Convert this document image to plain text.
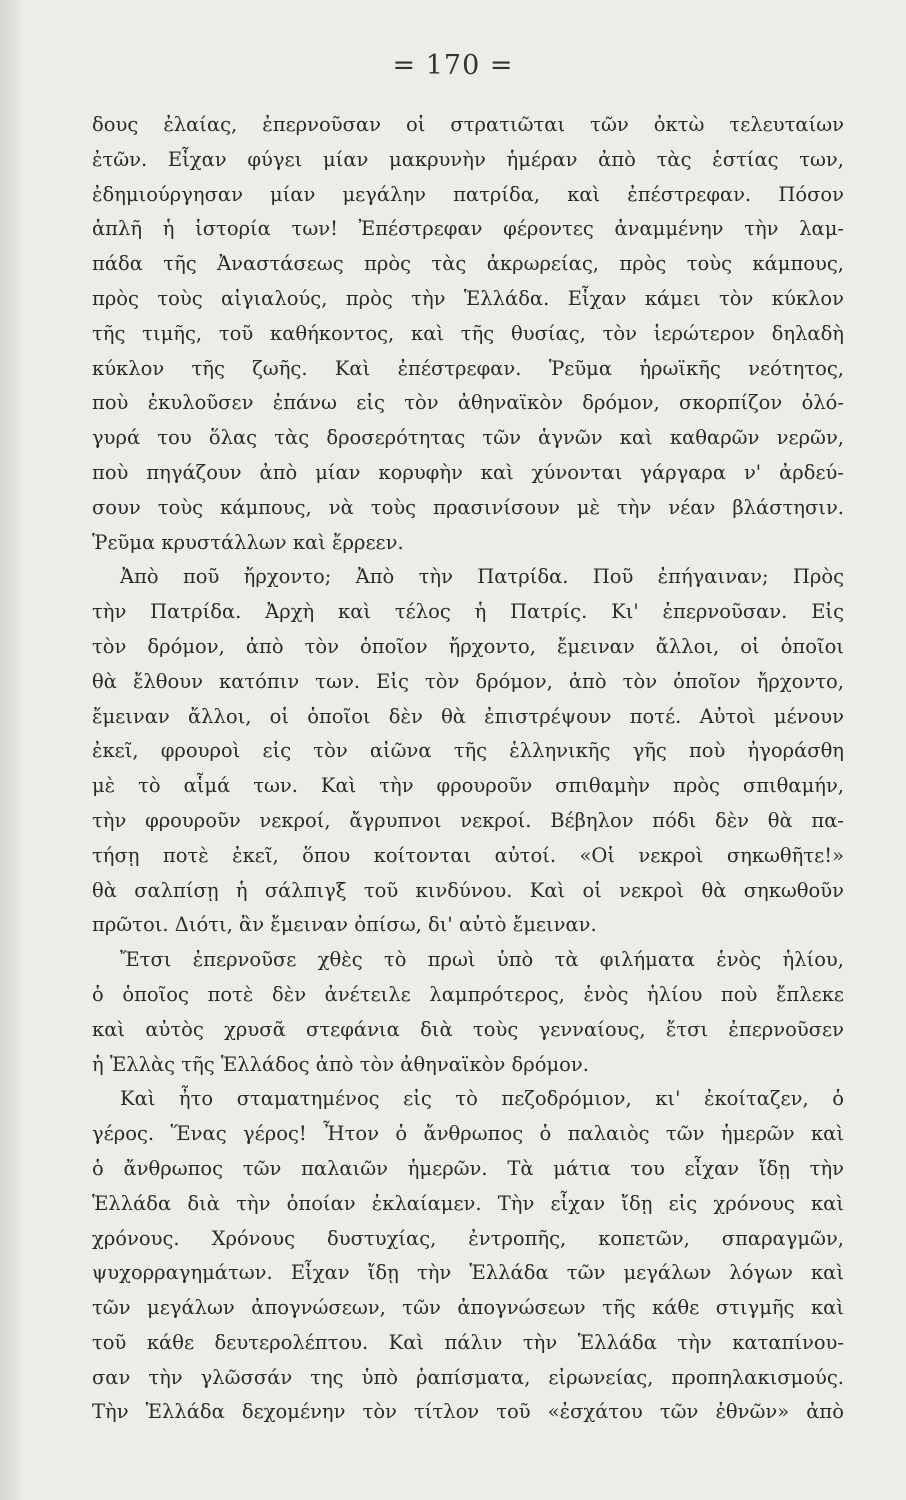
= 170 =
δους ἐλαίας, ἐπερνοῦσαν οἱ στρατιῶται τῶν ὀκτὼ τελευταίων
ἐτῶν. Εἶχαν φύγει μίαν μακρυνὴν ἡμέραν ἀπὸ τὰς ἑστίας των,
ἐδημιούργησαν μίαν μεγάλην πατρίδα, καὶ ἐπέστρεφαν. Πόσον
ἁπλῆ ἡ ἱστορία των! Ἐπέστρεφαν φέροντες ἀναμμένην τὴν λαμ-
πάδα τῆς Ἀναστάσεως πρὸς τὰς ἀκρωρείας, πρὸς τοὺς κάμπους,
πρὸς τοὺς αἰγιαλούς, πρὸς τὴν Ἑλλάδα. Εἶχαν κάμει τὸν κύκλον
τῆς τιμῆς, τοῦ καθήκοντος, καὶ τῆς θυσίας, τὸν ἱερώτερον δηλαδὴ
κύκλον τῆς ζωῆς. Καὶ ἐπέστρεφαν. Ῥεῦμα ἡρωϊκῆς νεότητος,
ποὺ ἐκυλοῦσεν ἐπάνω εἰς τὸν ἀθηναϊκὸν δρόμον, σκορπίζον ὁλό-
γυρά του ὅλας τὰς δροσερότητας τῶν ἁγνῶν καὶ καθαρῶν νερῶν,
ποὺ πηγάζουν ἀπὸ μίαν κορυφὴν καὶ χύνονται γάργαρα ν' ἀρδεύ-
σουν τοὺς κάμπους, νὰ τοὺς πρασινίσουν μὲ τὴν νέαν βλάστησιν.
Ῥεῦμα κρυστάλλων καὶ ἔρρεεν.
Ἀπὸ ποῦ ἤρχοντο; Ἀπὸ τὴν Πατρίδα. Ποῦ ἐπήγαιναν; Πρὸς
τὴν Πατρίδα. Ἀρχὴ καὶ τέλος ἡ Πατρίς. Κι' ἐπερνοῦσαν. Εἰς
τὸν δρόμον, ἀπὸ τὸν ὁποῖον ἤρχοντο, ἔμειναν ἄλλοι, οἱ ὁποῖοι
θὰ ἔλθουν κατόπιν των. Εἰς τὸν δρόμον, ἀπὸ τὸν ὁποῖον ἤρχοντο,
ἔμειναν ἄλλοι, οἱ ὁποῖοι δὲν θὰ ἐπιστρέψουν ποτέ. Αὐτοὶ μένουν
ἐκεῖ, φρουροὶ εἰς τὸν αἰῶνα τῆς ἑλληνικῆς γῆς ποὺ ἠγοράσθη
μὲ τὸ αἷμά των. Καὶ τὴν φρουροῦν σπιθαμὴν πρὸς σπιθαμήν,
τὴν φρουροῦν νεκροί, ἄγρυπνοι νεκροί. Βέβηλον πόδι δὲν θὰ πα-
τήσῃ ποτὲ ἐκεῖ, ὅπου κοίτονται αὐτοί. «Οἱ νεκροὶ σηκωθῆτε!»
θὰ σαλπίσῃ ἡ σάλπιγξ τοῦ κινδύνου. Καὶ οἱ νεκροὶ θὰ σηκωθοῦν
πρῶτοι. Διότι, ἂν ἔμειναν ὀπίσω, δι' αὐτὸ ἔμειναν.
Ἔτσι ἐπερνοῦσε χθὲς τὸ πρωὶ ὑπὸ τὰ φιλήματα ἑνὸς ἡλίου,
ὁ ὁποῖος ποτὲ δὲν ἀνέτειλε λαμπρότερος, ἑνὸς ἡλίου ποὺ ἔπλεκε
καὶ αὐτὸς χρυσᾶ στεφάνια διὰ τοὺς γενναίους, ἔτσι ἐπερνοῦσεν
ἡ Ἑλλὰς τῆς Ἑλλάδος ἀπὸ τὸν ἀθηναϊκὸν δρόμον.
Καὶ ἦτο σταματημένος εἰς τὸ πεζοδρόμιον, κι' ἐκοίταζεν, ὁ
γέρος. Ἕνας γέρος! Ἦτον ὁ ἄνθρωπος ὁ παλαιὸς τῶν ἡμερῶν καὶ
ὁ ἄνθρωπος τῶν παλαιῶν ἡμερῶν. Τὰ μάτια του εἶχαν ἴδῃ τὴν
Ἑλλάδα διὰ τὴν ὁποίαν ἐκλαίαμεν. Τὴν εἶχαν ἴδῃ εἰς χρόνους καὶ
χρόνους. Χρόνους δυστυχίας, ἐντροπῆς, κοπετῶν, σπαραγμῶν,
ψυχορραγημάτων. Εἶχαν ἴδῃ τὴν Ἑλλάδα τῶν μεγάλων λόγων καὶ
τῶν μεγάλων ἀπογνώσεων, τῶν ἀπογνώσεων τῆς κάθε στιγμῆς καὶ
τοῦ κάθε δευτερολέπτου. Καὶ πάλιν τὴν Ἑλλάδα τὴν καταπίνου-
σαν τὴν γλῶσσάν της ὑπὸ ῥαπίσματα, εἰρωνείας, προπηλακισμούς.
Τὴν Ἑλλάδα δεχομένην τὸν τίτλον τοῦ «ἐσχάτου τῶν ἐθνῶν» ἀπὸ
